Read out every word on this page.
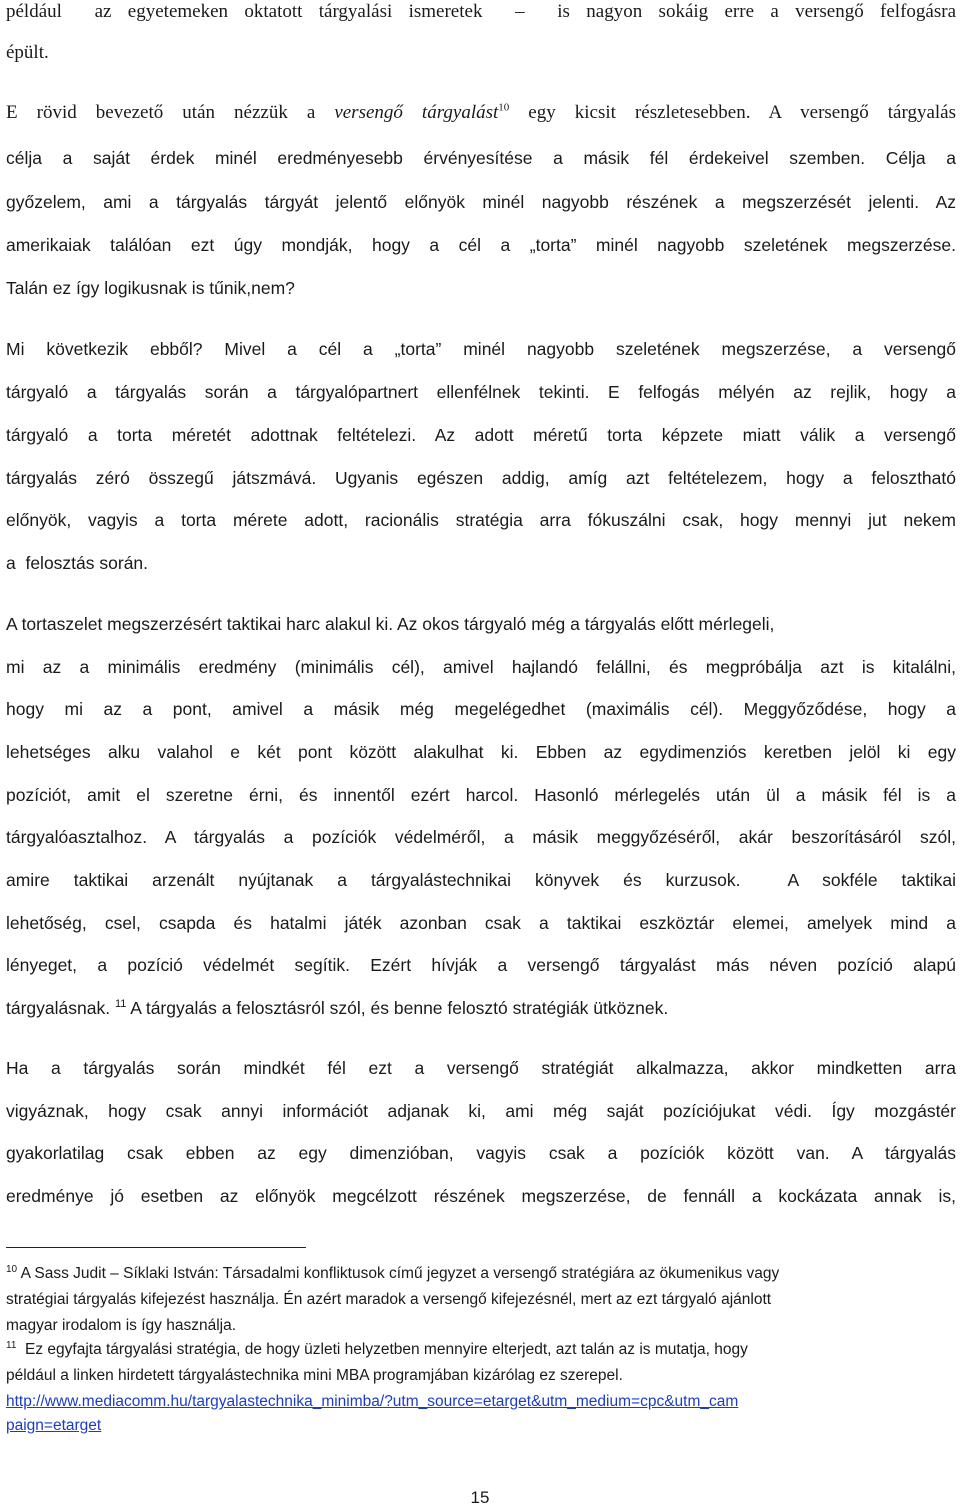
például  az egyetemeken oktatott tárgyalási ismeretek  –  is nagyon sokáig erre a versengő felfogásra
épült.
E rövid bevezető után nézzük a versengő tárgyalást$^{10}$ egy kicsit részletesebben. A versengő tárgyalás
célja a saját érdek minél eredményesebb érvényesítése a másik fél érdekeivel szemben. Célja a
győzelem, ami a tárgyalás tárgyát jelentő előnyök minél nagyobb részének a megszerzését jelenti. Az
amerikaiak találóan ezt úgy mondják, hogy a cél a „torta” minél nagyobb szeletének megszerzése.
Talán ez így logikusnak is tűnik,nem?
Mi következik ebből? Mivel a cél a „torta” minél nagyobb szeletének megszerzése, a versengő
tárgyaló a tárgyalás során a tárgyalópartnert ellenfélnek tekinti. E felfogás mélyén az rejlik, hogy a
tárgyaló a torta méretét adottnak feltételezi. Az adott méretű torta képzete miatt válik a versengő
tárgyalás zéró összegű játszmává. Ugyanis egészen addig, amíg azt feltételezem, hogy a felosztható
előnyök, vagyis a torta mérete adott, racionális stratégia arra fókuszálni csak, hogy mennyi jut nekem
a  felosztás során.
A tortaszelet megszerzésért taktikai harc alakul ki. Az okos tárgyaló még a tárgyalás előtt mérlegeli,
mi az a minimális eredmény (minimális cél), amivel hajlandó felállni, és megpróbálja azt is kitalálni,
hogy mi az a pont, amivel a másik még megelégedhet (maximális cél). Meggyőződése, hogy a
lehetséges alku valahol e két pont között alakulhat ki. Ebben az egydimenziós keretben jelöl ki egy
pozíciót, amit el szeretne érni, és innentől ezért harcol. Hasonló mérlegelés után ül a másik fél is a
tárgyalóasztalhoz. A tárgyalás a pozíciók védelméről, a másik meggyőzéséről, akár beszorításáról szól,
amire taktikai arzenált nyújtanak a tárgyalástechnikai könyvek és kurzusok.  A sokféle taktikai
lehetőség, csel, csapda és hatalmi játék azonban csak a taktikai eszköztár elemei, amelyek mind a
lényeget, a pozíció védelmét segítik. Ezért hívják a versengő tárgyalást más néven pozíció alapú
tárgyalásnak. $^{11}$ A tárgyalás a felosztásról szól, és benne felosztó stratégiák ütköznek.
Ha a tárgyalás során mindkét fél ezt a versengő stratégiát alkalmazza, akkor mindketten arra
vigyáznak, hogy csak annyi információt adjanak ki, ami még saját pozíciójukat védi. Így mozgástér
gyakorlatilag csak ebben az egy dimenzióban, vagyis csak a pozíciók között van. A tárgyalás
eredménye jó esetben az előnyök megcélzott részének megszerzése, de fennáll a kockázata annak is,
$^{10}$ A Sass Judit – Síklaki István: Társadalmi konfliktusok című jegyzet a versengő stratégiára az ökumenikus vagy
stratégiai tárgyalás kifejezést használja. Én azért maradok a versengő kifejezésnél, mert az ezt tárgyaló ajánlott
magyar irodalom is így használja.
$^{11}$  Ez egyfajta tárgyalási stratégia, de hogy üzleti helyzetben mennyire elterjedt, azt talán az is mutatja, hogy
például a linken hirdetett tárgyalástechnika mini MBA programjában kizárólag ez szerepel.
http://www.mediacomm.hu/targyalastechnika_minimba/?utm_source=etarget&utm_medium=cpc&utm_cam
paign=etarget
15
